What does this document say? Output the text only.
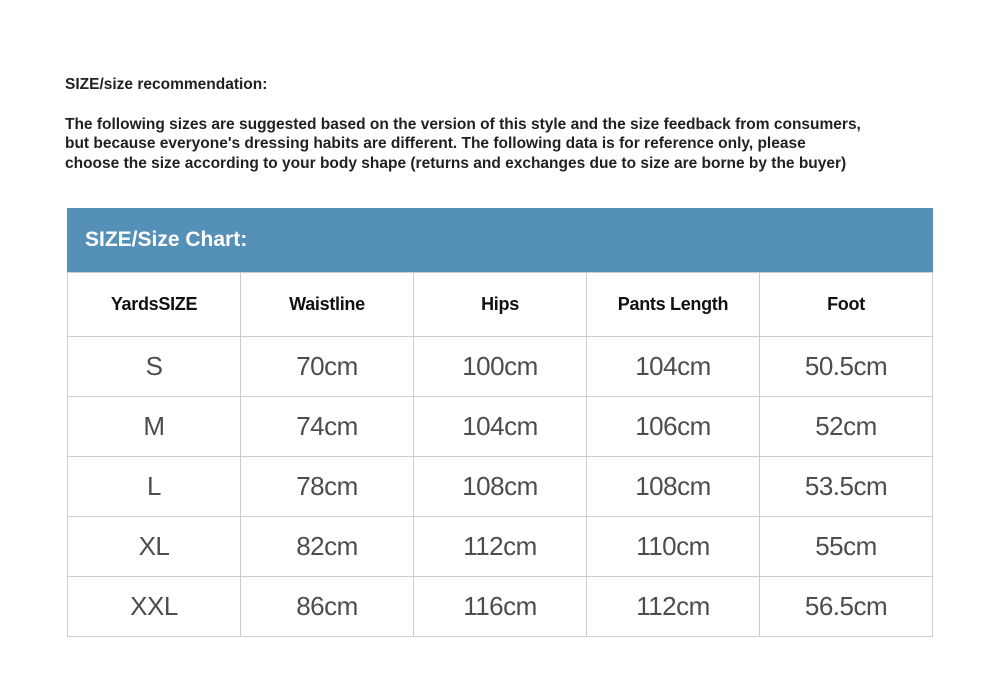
SIZE/size recommendation:
The following sizes are suggested based on the version of this style and the size feedback from consumers,
but because everyone's dressing habits are different. The following data is for reference only, please
choose the size according to your body shape (returns and exchanges due to size are borne by the buyer)
SIZE/Size Chart:
YardsSIZE	Waistline	Hips	Pants Length	Foot
S	70cm	100cm	104cm	50.5cm
M	74cm	104cm	106cm	52cm
L	78cm	108cm	108cm	53.5cm
XL	82cm	112cm	110cm	55cm
XXL	86cm	116cm	112cm	56.5cm
